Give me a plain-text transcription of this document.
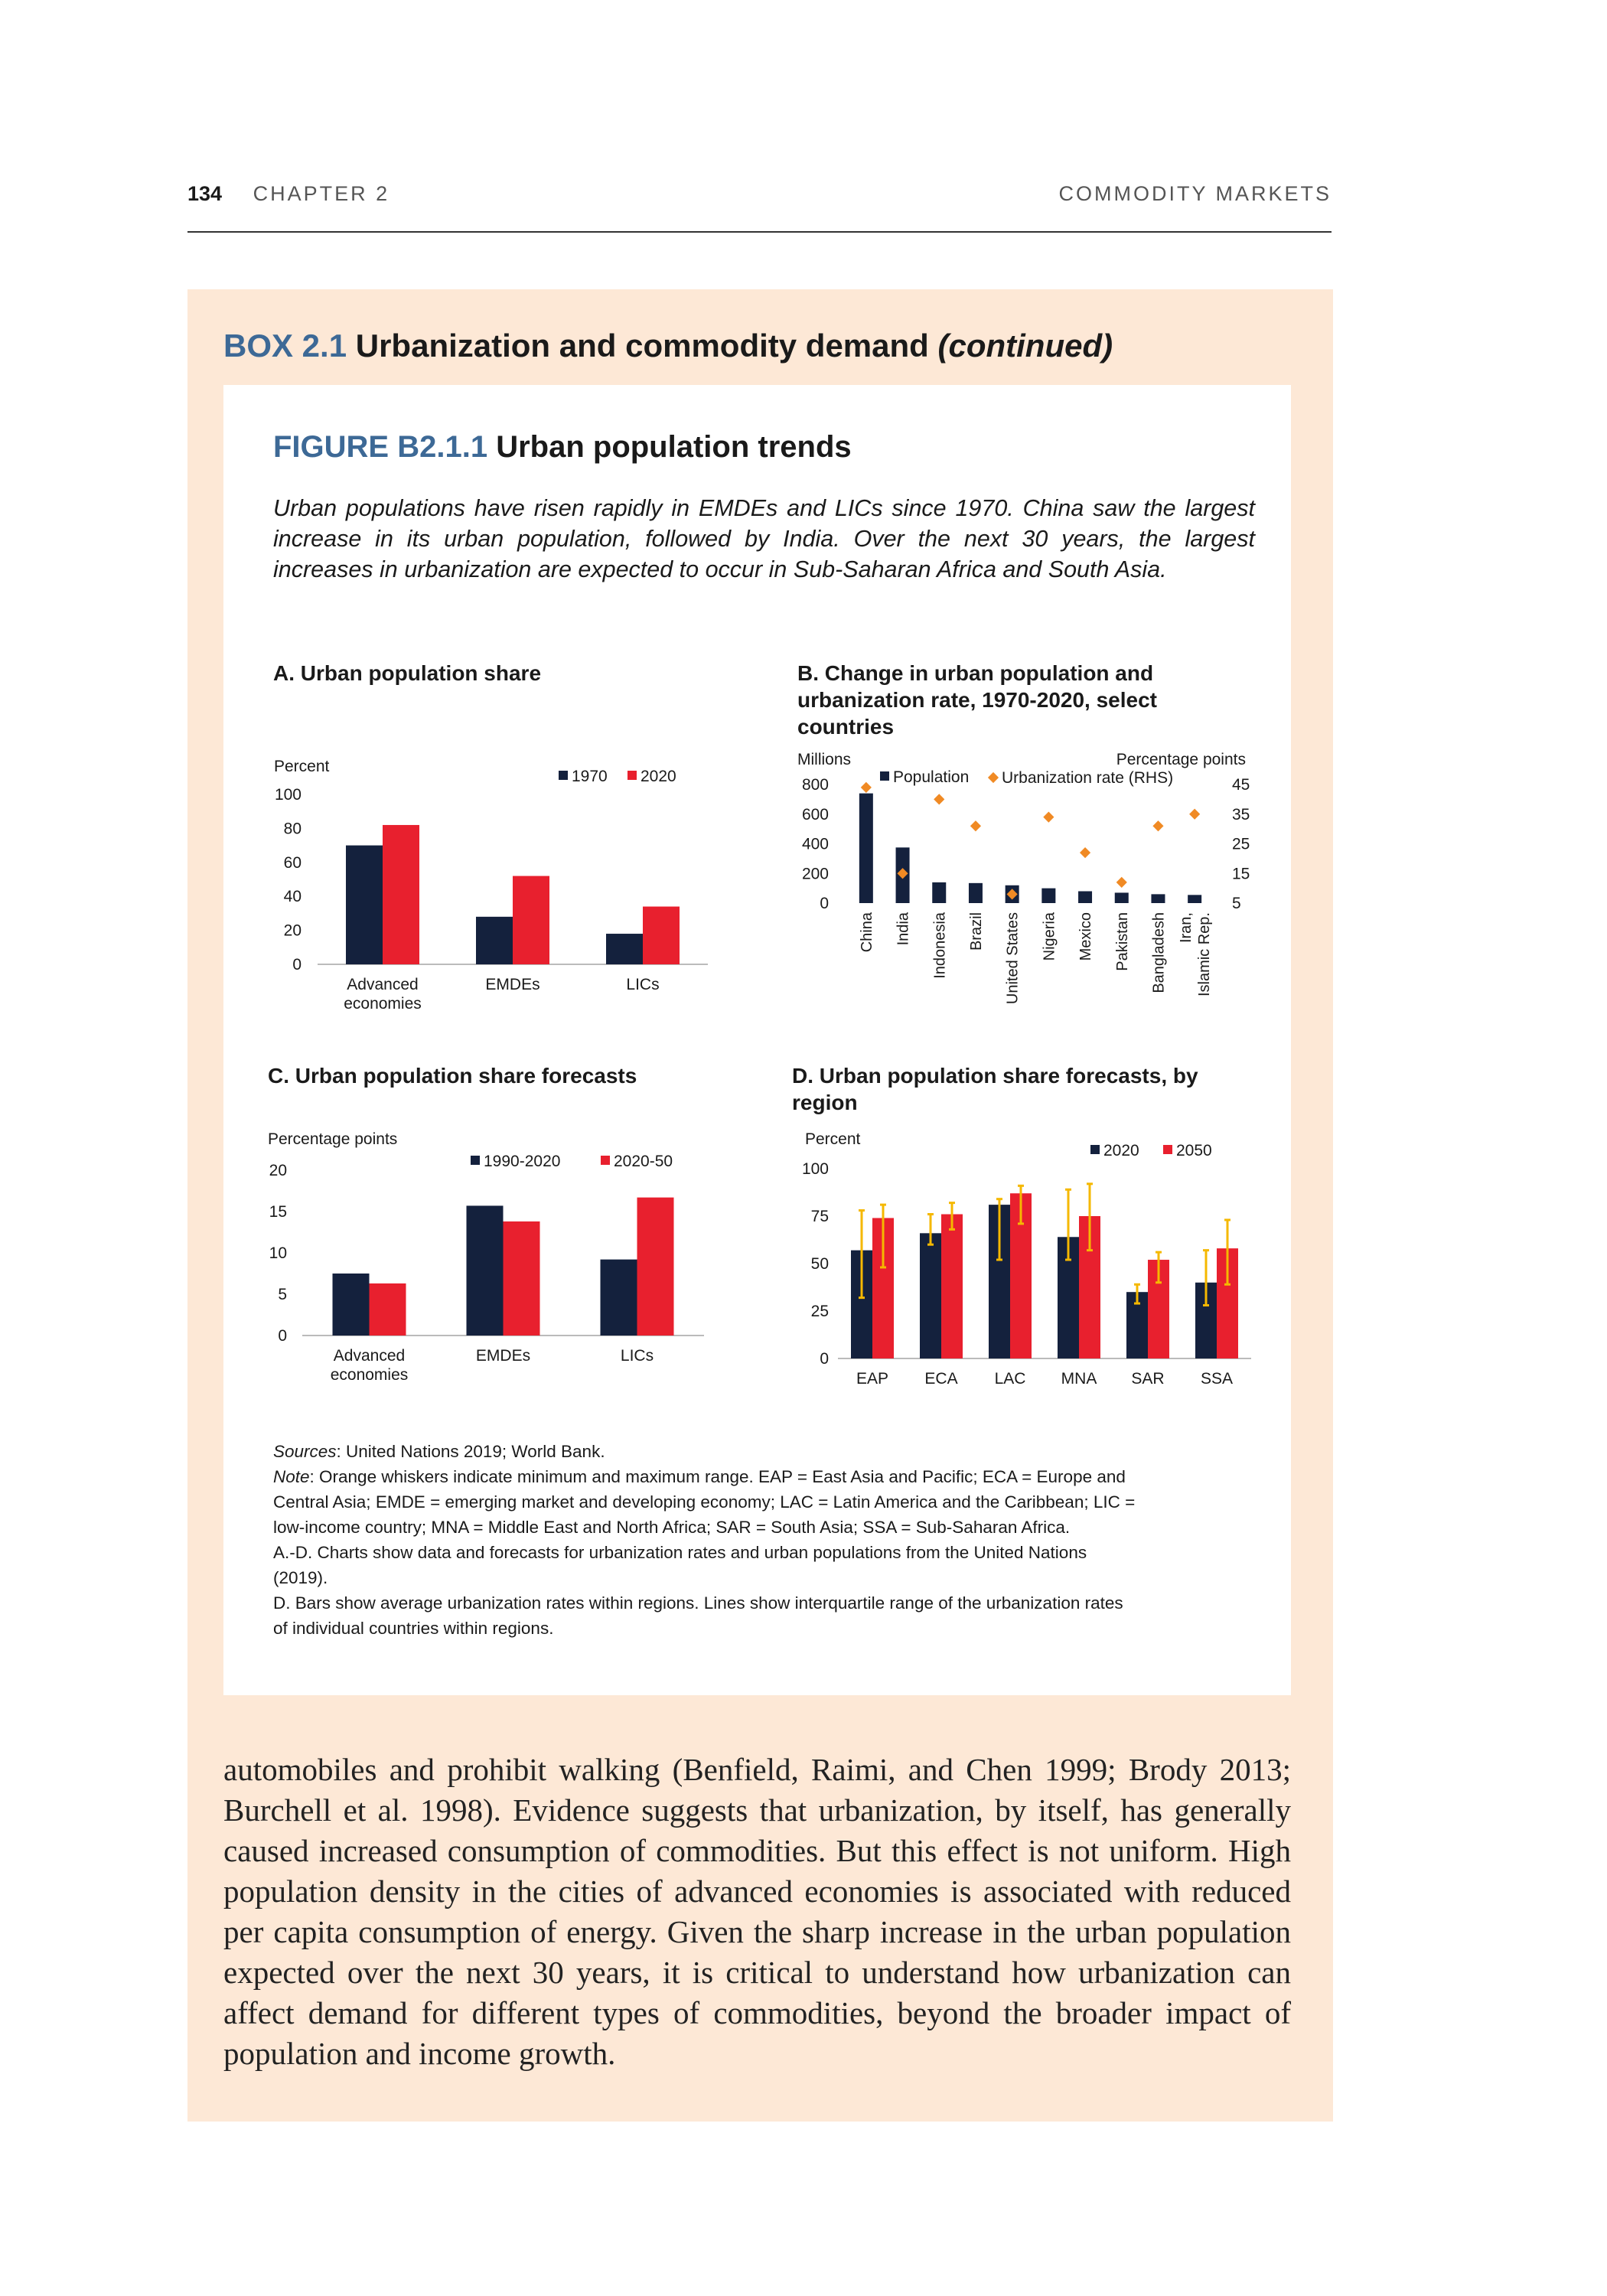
134 CHAPTER 2	COMMODITY MARKETS
BOX 2.1 Urbanization and commodity demand (continued)
FIGURE B2.1.1 Urban population trends
Urban populations have risen rapidly in EMDEs and LICs since 1970. China saw the largest increase in its urban population, followed by India. Over the next 30 years, the largest increases in urbanization are expected to occur in Sub-Saharan Africa and South Asia.
A. Urban population share	B. Change in urban population and urbanization rate, 1970-2020, select countries
C. Urban population share forecasts	D. Urban population share forecasts, by region
Percent
0
20
40
60
80
100
Advanced economies
EMDEs	LICs
1970 2020
Millions	Percentage points
0
200
400
600
800
5
15
25
35
45
China India Indonesia Brazil United States Nigeria Mexico Pakistan Bangladesh Iran, Islamic Rep.
Population Urbanization rate (RHS)
Percentage points
0
5
10
15
20
Advanced economies
EMDEs	LICs
1990-2020	2020-50
Percent
0
25
50
75
100
EAP ECA LAC MNA SAR SSA
2020 2050
Sources: United Nations 2019; World Bank.
Note: Orange whiskers indicate minimum and maximum range. EAP = East Asia and Pacific; ECA = Europe and
Central Asia; EMDE = emerging market and developing economy; LAC = Latin America and the Caribbean; LIC =
low-income country; MNA = Middle East and North Africa; SAR = South Asia; SSA = Sub-Saharan Africa.
A.-D. Charts show data and forecasts for urbanization rates and urban populations from the United Nations
(2019).
D. Bars show average urbanization rates within regions. Lines show interquartile range of the urbanization rates
of individual countries within regions.
automobiles and prohibit walking (Benfield, Raimi, and Chen 1999; Brody 2013; Burchell et al. 1998). Evidence suggests that urbanization, by itself, has generally caused increased consumption of commodities. But this effect is not uniform. High population density in the cities of advanced economies is associated with reduced per capita consumption of energy. Given the sharp increase in the urban population expected over the next 30 years, it is critical to understand how urbanization can affect demand for different types of commodities, beyond the broader impact of population and income growth.
